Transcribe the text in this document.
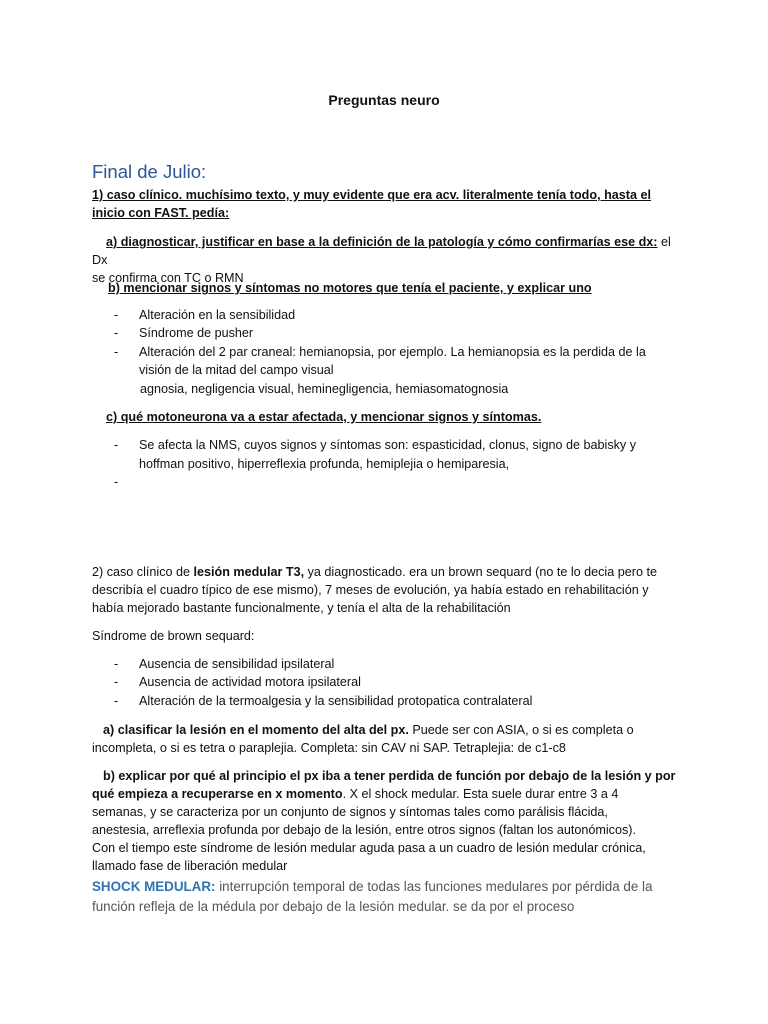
Preguntas neuro
Final de Julio:
1) caso clínico. muchísimo texto, y muy evidente que era acv. literalmente tenía todo, hasta el inicio con FAST. pedía:
a) diagnosticar, justificar en base a la definición de la patología y cómo confirmarías ese dx: el Dx
se confirma con TC o RMN
b) mencionar signos y síntomas no motores que tenía el paciente, y explicar uno
- Alteración en la sensibilidad
- Síndrome de pusher
- Alteración del 2 par craneal: hemianopsia, por ejemplo. La hemianopsia es la perdida de la
visión de la mitad del campo visual
agnosia, negligencia visual, heminegligencia, hemiasomatognosia
c) qué motoneurona va a estar afectada, y mencionar signos y síntomas.
- Se afecta la NMS, cuyos signos y síntomas son: espasticidad, clonus, signo de babisky y
hoffman positivo, hiperreflexia profunda, hemiplejia o hemiparesia,
-
2) caso clínico de lesión medular T3, ya diagnosticado. era un brown sequard (no te lo decia pero te
describía el cuadro típico de ese mismo), 7 meses de evolución, ya había estado en rehabilitación y
había mejorado bastante funcionalmente, y tenía el alta de la rehabilitación
Síndrome de brown sequard:
- Ausencia de sensibilidad ipsilateral
- Ausencia de actividad motora ipsilateral
- Alteración de la termoalgesia y la sensibilidad protopatica contralateral
a) clasificar la lesión en el momento del alta del px. Puede ser con ASIA, o si es completa o
incompleta, o si es tetra o paraplejia. Completa: sin CAV ni SAP. Tetraplejia: de c1-c8
b) explicar por qué al principio el px iba a tener perdida de función por debajo de la lesión y por
qué empieza a recuperarse en x momento. X el shock medular. Esta suele durar entre 3 a 4
semanas, y se caracteriza por un conjunto de signos y síntomas tales como parálisis flácida,
anestesia, arreflexia profunda por debajo de la lesión, entre otros signos (faltan los autonómicos).
Con el tiempo este síndrome de lesión medular aguda pasa a un cuadro de lesión medular crónica,
llamado fase de liberación medular
SHOCK MEDULAR: interrupción temporal de todas las funciones medulares por pérdida de la
función refleja de la médula por debajo de la lesión medular. se da por el proceso
